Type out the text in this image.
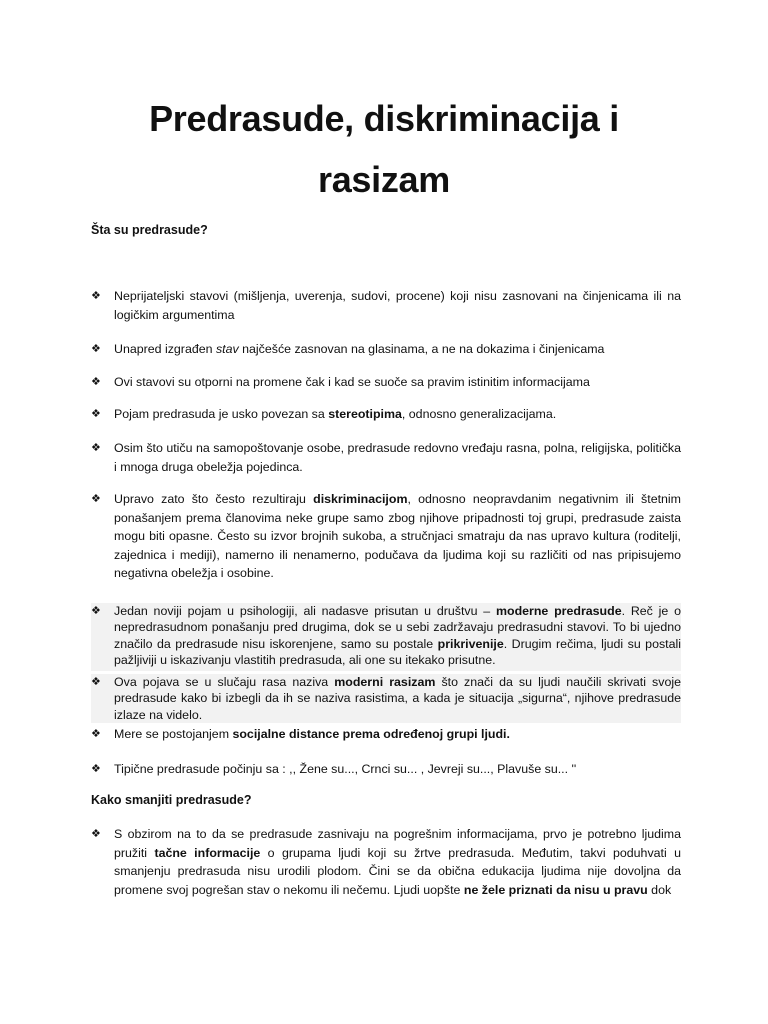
Predrasude, diskriminacija i
rasizam
Šta su predrasude?
❖	Neprijateljski stavovi (mišljenja, uverenja, sudovi, procene) koji nisu zasnovani na činjenicama ili na logičkim argumentima
❖	Unapred izgrađen stav najčešće zasnovan na glasinama, a ne na dokazima i činjenicama
❖	Ovi stavovi su otporni na promene čak i kad se suoče sa pravim istinitim informacijama
❖	Pojam predrasuda je usko povezan sa stereotipima, odnosno generalizacijama.
❖	Osim što utiču na samopoštovanje osobe, predrasude redovno vređaju rasna, polna, religijska, politička i mnoga druga obeležja pojedinca.
❖	Upravo zato što često rezultiraju diskriminacijom, odnosno neopravdanim negativnim ili štetnim ponašanjem prema članovima neke grupe samo zbog njihove pripadnosti toj grupi, predrasude zaista mogu biti opasne. Često su izvor brojnih sukoba, a stručnjaci smatraju da nas upravo kultura (roditelji, zajednica i mediji), namerno ili nenamerno, podučava da ljudima koji su različiti od nas pripisujemo negativna obeležja i osobine.
❖	Jedan noviji pojam u psihologiji, ali nadasve prisutan u društvu – moderne predrasude. Reč je o nepredrasudnom ponašanju pred drugima, dok se u sebi zadržavaju predrasudni stavovi. To bi ujedno značilo da predrasude nisu iskorenjene, samo su postale prikrivenije. Drugim rečima, ljudi su postali pažljiviji u iskazivanju vlastitih predrasuda, ali one su itekako prisutne.
❖	Ova pojava se u slučaju rasa naziva moderni rasizam što znači da su ljudi naučili skrivati svoje predrasude kako bi izbegli da ih se naziva rasistima, a kada je situacija „sigurna“, njihove predrasude izlaze na videlo.
❖	Mere se postojanjem socijalne distance prema određenoj grupi ljudi.
❖	Tipične predrasude počinju sa : ,, Žene su..., Crnci su... , Jevreji su..., Plavuše su... ''
Kako smanjiti predrasude?
❖	S obzirom na to da se predrasude zasnivaju na pogrešnim informacijama, prvo je potrebno ljudima pružiti tačne informacije o grupama ljudi koji su žrtve predrasuda. Međutim, takvi poduhvati u smanjenju predrasuda nisu urodili plodom. Čini se da obična edukacija ljudima nije dovoljna da promene svoj pogrešan stav o nekomu ili nečemu. Ljudi uopšte ne žele priznati da nisu u pravu dok
